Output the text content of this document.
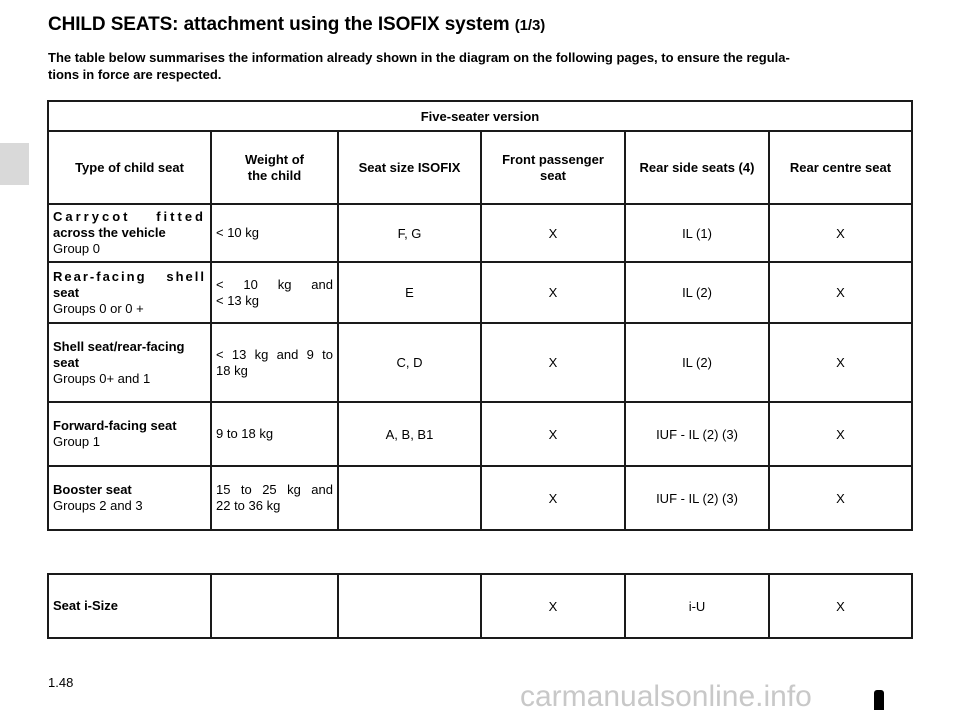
CHILD SEATS: attachment using the ISOFIX system (1/3)

The table below summarises the information already shown in the diagram on the following pages, to ensure the regula-
tions in force are respected.

Five-seater version					
Type of child seat	Weight of
the child	Seat size ISOFIX	Front passenger
seat	Rear side seats (4)	Rear centre seat

Carrycot fitted
across the vehicle
Group 0	< 10 kg	F, G	X	IL (1)	X

Rear-facing shell
seat
Groups 0 or 0 +	< 10 kg and
< 13 kg	E	X	IL (2)	X
Shell seat/rear-facing
seat
Groups 0+ and 1	< 13 kg and 9 to
18 kg	C, D	X	IL (2)	X
Forward-facing seat
Group 1	9 to 18 kg	A, B, B1	X	IUF - IL (2) (3)	X
Booster seat
Groups 2 and 3	15 to 25 kg and
22 to 36 kg		X	IUF - IL (2) (3)	X
Seat i-Size			X	i-U	X
1.48	carmanualsonline.info
